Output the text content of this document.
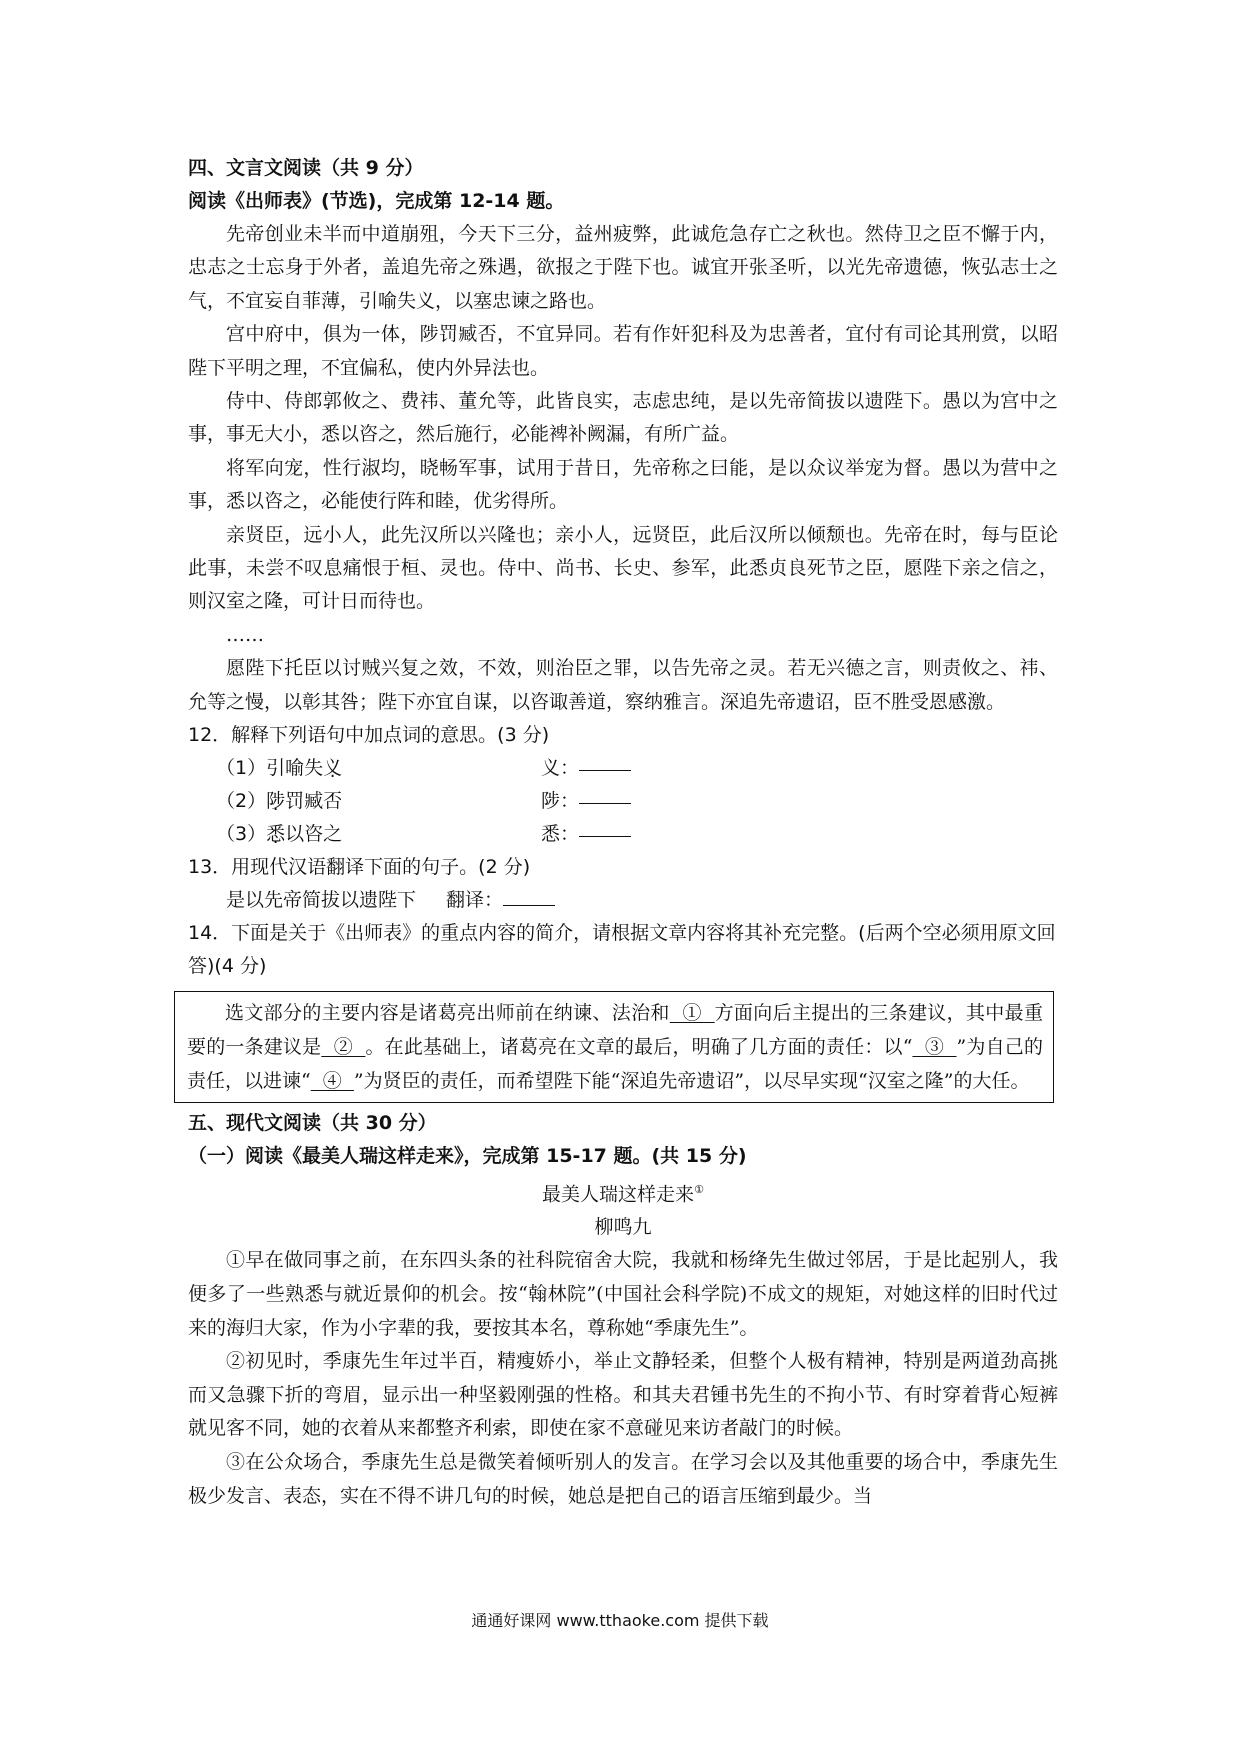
四、文言文阅读（共 9 分）
阅读《出师表》(节选)，完成第 12-14 题。

先帝创业未半而中道崩殂，今天下三分，益州疲弊，此诚危急存亡之秋也。然侍卫之臣不懈于内，忠志之士忘身于外者，盖追先帝之殊遇，欲报之于陛下也。诚宜开张圣听，以光先帝遗德，恢弘志士之气，不宜妄自菲薄，引喻失义，以塞忠谏之路也。

宫中府中，俱为一体，陟罚臧否，不宜异同。若有作奸犯科及为忠善者，宜付有司论其刑赏，以昭陛下平明之理，不宜偏私，使内外异法也。

侍中、侍郎郭攸之、费祎、董允等，此皆良实，志虑忠纯，是以先帝简拔以遗陛下。愚以为宫中之事，事无大小，悉以咨之，然后施行，必能裨补阙漏，有所广益。

将军向宠，性行淑均，晓畅军事，试用于昔日，先帝称之曰能，是以众议举宠为督。愚以为营中之事，悉以咨之，必能使行阵和睦，优劣得所。

亲贤臣，远小人，此先汉所以兴隆也；亲小人，远贤臣，此后汉所以倾颓也。先帝在时，每与臣论此事，未尝不叹息痛恨于桓、灵也。侍中、尚书、长史、参军，此悉贞良死节之臣，愿陛下亲之信之，则汉室之隆，可计日而待也。

……

愿陛下托臣以讨贼兴复之效，不效，则治臣之罪，以告先帝之灵。若无兴德之言，则责攸之、祎、允等之慢，以彰其咎；陛下亦宜自谋，以咨诹善道，察纳雅言。深追先帝遗诏，臣不胜受恩感激。

12．解释下列语句中加点词的意思。(3 分)
（1）引喻失义	义：
（2）陟罚臧否	陟：
（3）悉以咨之	悉：
13．用现代汉语翻译下面的句子。(2 分)
是以先帝简拔以遗陛下 翻译：
14．下面是关于《出师表》的重点内容的简介，请根据文章内容将其补充完整。(后两个空必须用原文回答)(4 分)
选文部分的主要内容是诸葛亮出师前在纳谏、法治和  ①  方面向后主提出的三条建议，其中最重要的一条建议是  ②  。在此基础上，诸葛亮在文章的最后，明确了几方面的责任：以“  ③  ”为自己的责任，以进谏“  ④  ”为贤臣的责任，而希望陛下能“深追先帝遗诏”，以尽早实现“汉室之隆”的大任。
五、现代文阅读（共 30 分）
（一）阅读《最美人瑞这样走来》，完成第 15-17 题。(共 15 分)
最美人瑞这样走来①
柳鸣九

①早在做同事之前，在东四头条的社科院宿舍大院，我就和杨绛先生做过邻居，于是比起别人，我便多了一些熟悉与就近景仰的机会。按“翰林院”(中国社会科学院)不成文的规矩，对她这样的旧时代过来的海归大家，作为小字辈的我，要按其本名，尊称她“季康先生”。

②初见时，季康先生年过半百，精瘦娇小，举止文静轻柔，但整个人极有精神，特别是两道劲高挑而又急骤下折的弯眉，显示出一种坚毅刚强的性格。和其夫君锺书先生的不拘小节、有时穿着背心短裤就见客不同，她的衣着从来都整齐利索，即使在家不意碰见来访者敲门的时候。

③在公众场合，季康先生总是微笑着倾听别人的发言。在学习会以及其他重要的场合中，季康先生极少发言、表态，实在不得不讲几句的时候，她总是把自己的语言压缩到最少。当

通通好课网 www.tthaoke.com 提供下载
